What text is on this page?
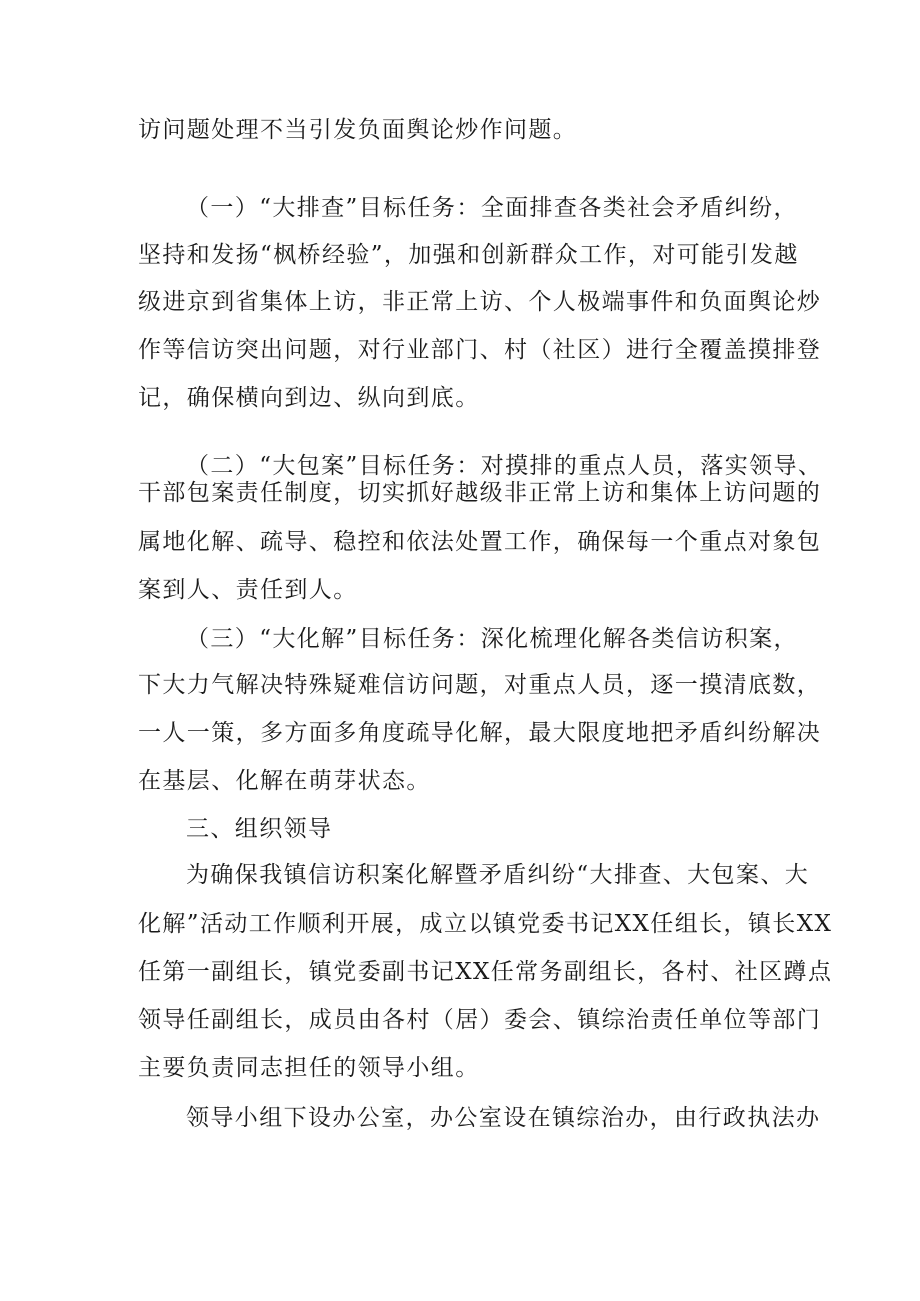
访问题处理不当引发负面舆论炒作问题。
（一）“大排查”目标任务：全面排查各类社会矛盾纠纷，
坚持和发扬“枫桥经验”，加强和创新群众工作，对可能引发越
级进京到省集体上访，非正常上访、个人极端事件和负面舆论炒
作等信访突出问题，对行业部门、村（社区）进行全覆盖摸排登
记，确保横向到边、纵向到底。
（二）“大包案”目标任务：对摸排的重点人员，落实领导、
干部包案责任制度，切实抓好越级非正常上访和集体上访问题的
属地化解、疏导、稳控和依法处置工作，确保每一个重点对象包
案到人、责任到人。
（三）“大化解”目标任务：深化梳理化解各类信访积案，
下大力气解决特殊疑难信访问题，对重点人员，逐一摸清底数，
一人一策，多方面多角度疏导化解，最大限度地把矛盾纠纷解决
在基层、化解在萌芽状态。
三、组织领导
为确保我镇信访积案化解暨矛盾纠纷“大排查、大包案、大
化解”活动工作顺利开展，成立以镇党委书记XX任组长，镇长XX
任第一副组长，镇党委副书记XX任常务副组长，各村、社区蹲点
领导任副组长，成员由各村（居）委会、镇综治责任单位等部门
主要负责同志担任的领导小组。
领导小组下设办公室，办公室设在镇综治办，由行政执法办
